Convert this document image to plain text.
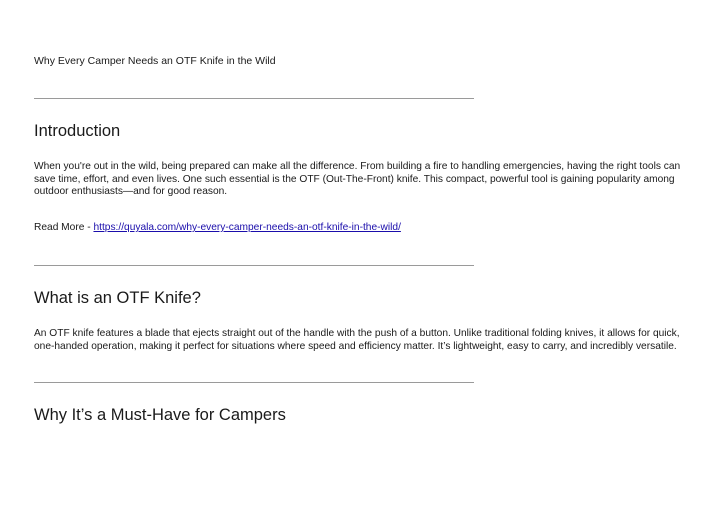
Why Every Camper Needs an OTF Knife in the Wild
Introduction

When you're out in the wild, being prepared can make all the difference. From building a fire to handling emergencies, having the right tools can save time, effort, and even lives. One such essential is the OTF (Out-The-Front) knife. This compact, powerful tool is gaining popularity among outdoor enthusiasts—and for good reason.

Read More - https://quyala.com/why-every-camper-needs-an-otf-knife-in-the-wild/
What is an OTF Knife?

An OTF knife features a blade that ejects straight out of the handle with the push of a button. Unlike traditional folding knives, it allows for quick, one-handed operation, making it perfect for situations where speed and efficiency matter. It’s lightweight, easy to carry, and incredibly versatile.

Why It’s a Must-Have for Campers
